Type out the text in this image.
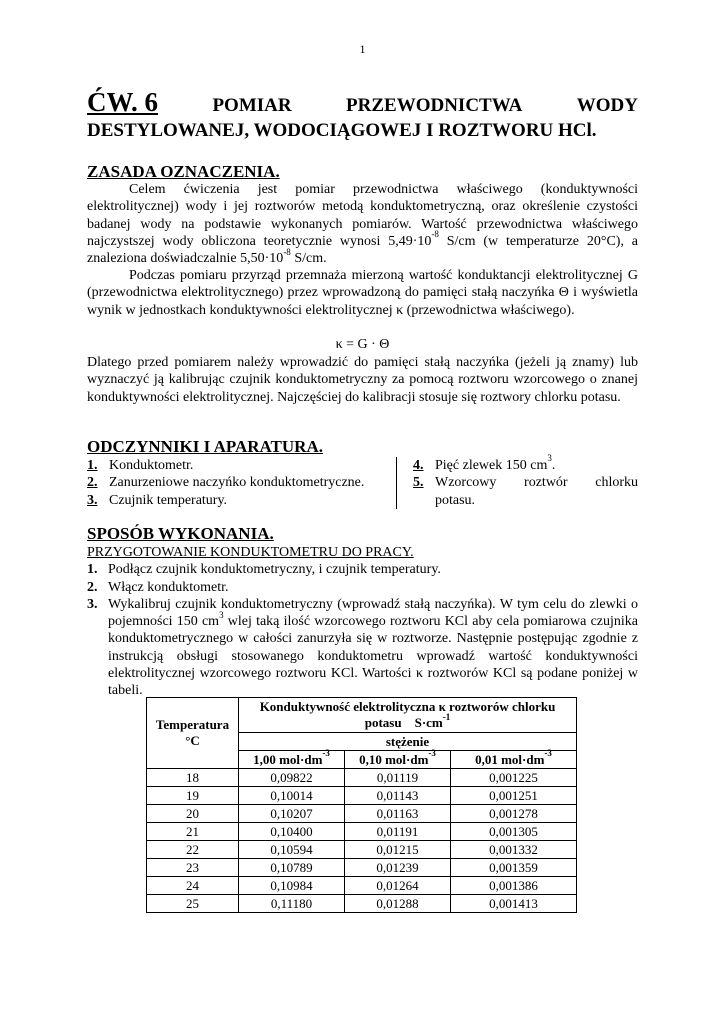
1
ĆW. 6	POMIAR	PRZEWODNICTWA	WODY
DESTYLOWANEJ, WODOCIĄGOWEJ I ROZTWORU HCl.
ZASADA OZNACZENIA.
Celem ćwiczenia jest pomiar przewodnictwa właściwego (konduktywności elektrolitycznej) wody i jej roztworów metodą konduktometryczną, oraz określenie czystości badanej wody na podstawie wykonanych pomiarów. Wartość przewodnictwa właściwego najczystszej wody obliczona teoretycznie wynosi $5,49\cdot 10^{-8}$ S/cm (w temperaturze 20°C), a znaleziona doświadczalnie $5,50\cdot 10^{-8}$ S/cm.
Podczas pomiaru przyrząd przemnaża mierzoną wartość konduktancji elektrolitycznej G (przewodnictwa elektrolitycznego) przez wprowadzoną do pamięci stałą naczyńka Θ i wyświetla wynik w jednostkach konduktywności elektrolitycznej κ (przewodnictwa właściwego).
κ = G · Θ
Dlatego przed pomiarem należy wprowadzić do pamięci stałą naczyńka (jeżeli ją znamy) lub wyznaczyć ją kalibrując czujnik konduktometryczny za pomocą roztworu wzorcowego o znanej konduktywności elektrolitycznej. Najczęściej do kalibracji stosuje się roztwory chlorku potasu.
ODCZYNNIKI I APARATURA.
1. Konduktometr.
2. Zanurzeniowe naczyńko konduktometryczne.
3. Czujnik temperatury.
4. Pięć zlewek 150 $cm^3$.
5. Wzorcowy roztwór chlorku potasu.
SPOSÓB WYKONANIA.
PRZYGOTOWANIE KONDUKTOMETRU DO PRACY.
1. Podłącz czujnik konduktometryczny, i czujnik temperatury.
2. Włącz konduktometr.
3. Wykalibruj czujnik konduktometryczny (wprowadź stałą naczyńka). W tym celu do zlewki o pojemności 150 $cm^3$ wlej taką ilość wzorcowego roztworu KCl aby cela pomiarowa czujnika konduktometrycznego w całości zanurzyła się w roztworze. Następnie postępując zgodnie z instrukcją obsługi stosowanego konduktometru wprowadź wartość konduktywności elektrolitycznej wzorcowego roztworu KCl. Wartości κ roztworów KCl są podane poniżej w tabeli.
Temperatura
°C	Konduktywność elektrolityczna κ roztworów chlorku potasu $S\cdot cm^{-1}$
	stężenie		
	1,00 $mol\cdot dm^{-3}$	0,10 $mol\cdot dm^{-3}$	0,01 $mol\cdot dm^{-3}$
18	0,09822	0,01119	0,001225
19	0,10014	0,01143	0,001251
20	0,10207	0,01163	0,001278
21	0,10400	0,01191	0,001305
22	0,10594	0,01215	0,001332
23	0,10789	0,01239	0,001359
24	0,10984	0,01264	0,001386
25	0,11180	0,01288	0,001413
